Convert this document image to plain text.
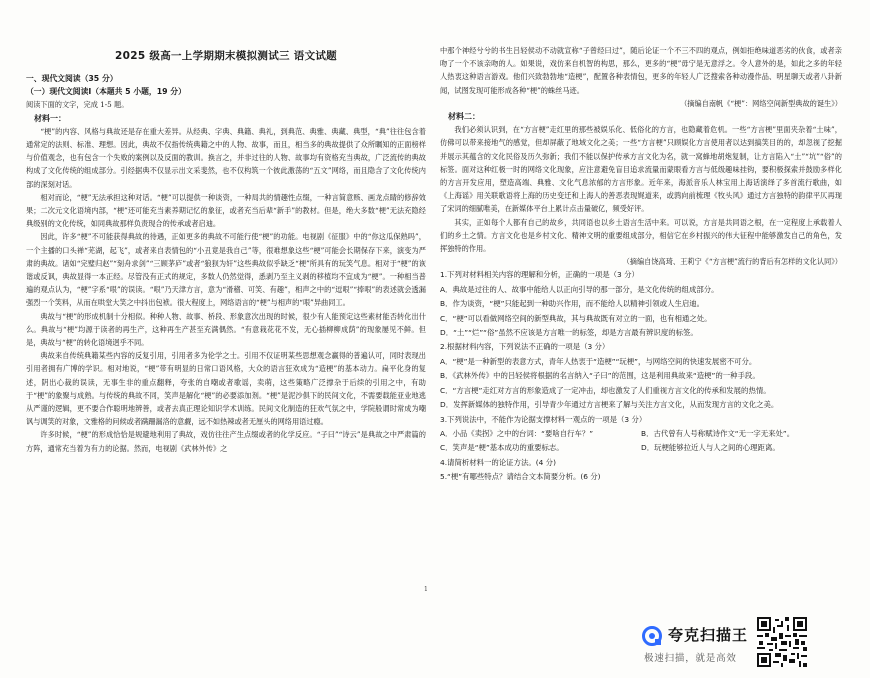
2025 级高一上学期期末模拟测试三 语文试题

一、现代文阅读（35 分）

（一）现代文阅读Ⅰ（本题共 5 小题，19 分）

阅读下面的文字，完成 1-5 题。

材料一：

“梗”的内容、风格与典故还是存在重大差异。从经典、字典、典籍、典礼，到典范、典雅、典藏、典型，“典”往往包含着通常定的法则、标准、理想。因此，典故不仅指传统典籍之中的人物、故事，而且，相当多的典故提供了众所瞩知的正面榜样与价值观念，也有包含一个失败的案例以及反面的教训。换言之，并非过往的人物、故事均有资格充当典故，广泛流传的典故构成了文化传统的组成部分。引经据典不仅显示出文采斐然，也不仅构筑一个彼此激荡的“五文”网络，而且隐含了文化传统内部的深刻对话。

相对而论，“梗”无法承担这种对话。“梗”可以提供一种谈资，一种局共的情趣性点缀，一种言简意赅、画龙点睛的修辞效果；二次元文化语境内部，“梗”还可能充当素养期记忆的象征，或者充当后辈“新手”的教材。但是，绝大多数“梗”无法充隐经典级别的文化传统，如同典故那样负责现合的传承或者启迪。

因此，许多“梗”不可能获得典故的待遇，正如更多的典故不可能行使“梗”的功能。电视剧《征服》中的“你这瓜保熟吗”，一个主播的口头禅“芜湖，起飞”，或者来自表情包的“小丑竟是我自己”等，很难想象这些“梗”可能会长期保存下来，演变为严肃的典故。诸如“完璧归赵”“刻舟求剑”“三顾茅庐”或者“狼狈为奸”这些典故似乎缺乏“梗”所具有的玩笑气息。相对于“梗”的诙谐或反讽，典故显得一本正经。尽管没有正式的规定，多数人仍然觉得，悉剥乃至主义剥的移植均不宜成为“梗”。一种相当普遍的观点认为，“梗”字系“哏”的误读。“哏”乃天津方言，意为“滑稽、可笑、有趣”，相声之中的“逗哏”“捧哏”的表述就会透漏强烈一个笑料，从而在哄堂大笑之中抖出包袱。很大程度上，网络语言的“梗”与相声的“哏”异曲同工。

典故与“梗”的形成机制十分相似。种种人物、故事、桥段、形象意次出现的时候，很少有人能预定这些素材能否转化出什么。典故与“梗”均源于读者的再生产，这种再生产甚至充满偶然。“有意栽花花不发，无心插柳柳成荫”的现象屡见不鲜。但是，典故与“梗”的转化语境迥乎不同。

典故来自传统典籍某些内容的反复引用，引用者多为伦学之士。引用不仅证明某些思想观念赢得的普遍认可，同时表现出引用者拥有广博的学识。相对地说，“梗”带有明显的日常口语风格，大众的语言狂欢成为“造梗”的基本动力。扁平化身的复述，阴出心裁的误读，无事生非的重点翻释，夸张的自嘲或者歌谣，卖萌，这些策略广泛撑杂于后续的引用之中，有助于“梗”的象聚与成熟。与传统的典故不同，笑声是解化“梗”的必要添加剂。“梗”是泥沙俱下的民间文化，不需要载能亚业地逃从严谨的逻辑，更不要合作聪明地辨善，或者去真正理论知识学术训练。民间文化制造的狂欢气氛之中，学院般谓时常成为嘲讽与调笑的对象，文雅格的问候或者蹒跚漏洛的意觑，远不如热辣或者无厘头的网络用语过瘾。

许多时候，“梗”的形成恰恰是规避地利用了典故，戏仿往往产生点缀或者的化学反应。“子曰”“诗云”是典故之中严肃篇的方阵，通常充当着为有力的论据。然而，电视剧《武林外传》之

中那个神经兮兮的书生吕轻侯动不动就宣称“子曾经曰过”，随后论证一个不三不四的观点，例如拒绝味道恶劣的伙食，或者亲吻了一个不该亲吻的人。如果说，戏仿来自机智的构思，那么，更多的“梗”毋宁是无意浮之。令人意外的是，如此之多的年轻人热衷这种语言游戏。他们兴致勃勃地“造梗”，配置各种表情包，更多的年轻人广泛搜索各种动漫作品、明星聊天或者八卦新闻，试图发现可能形成各种“梗”的蛛丝马迹。

（摘编自南帆《“梗”：网络空间新型典故的诞生》）

材料二：

我们必须认识到，在“方言梗”走红里的那些被娱乐化、低俗化的方言，也隐藏着危机。一些“方言梗”里面夹杂着“土味”，仿佛可以带来接地气的感觉，但却屏蔽了地域文化之美；一些“方言梗”只顾娱化方言使用者以达到搞笑目的的，却忽视了挖掘并展示其蕴含的文化民俗及历久弥新；我们不能以保护传承方言文化为名，就一窝蜂地胡炮复制，让方言陷入“土”“坑”“俗”的标签。面对这种红极一时的网络文化现象，应注意避免盲目追求流量而蒙眼看方言与低级趣味挂钩，要积极探索并鼓励多样化的方言开发应用，塑造高端、典雅、文化气息浓郁的方言形象。近年来，海派音乐人林宝用上海话演绎了多首流行歌曲，如《上海谣》用关联歌语将上海的历史变迁和上海人的善恶表现娓道来，或鹑向前梳理《牧头风》通过方言独特的韵律平仄再现了宋词的细腻唯美，在新媒体平台上累计点击量破亿，频受好评。

其实，正如每个人都有自己的故乡，共同语也以乡土语言生活中来。可以说，方言是共同语之根，在一定程度上承载着人们的乡土之情。方言文化也是乡村文化、精神文明的重要组成部分，相信它在乡村振兴的伟大征程中能够激发自己的角色，发挥独特的作用。

（摘编自饶高琦、王莉宁《“方言梗”流行的背后有怎样的文化认同》）

1.下列对材料相关内容的理解和分析，正确的一项是（3 分）

A．典故是过往的人、故事中能给人以正向引导的那一部分，是文化传统的组成部分。

B．作为谈资，“梗”只能起到一种助兴作用，而不能给人以精神引领或人生启迪。

C．“梗”可以看做网络空间的新型典故，其与典故既有对立的一面，也有相通之处。

D．“土”“烂”“俗”虽然不应该是方言唯一的标签，却是方言最有辨识度的标签。

2.根据材料内容，下列说法不正确的一项是（3 分）

A．“梗”是一种新型的表意方式，青年人热衷于“造梗”“玩梗”，与网络空间的快速发展密不可分。

B．《武林外传》中的吕轻侯将根据的名言纳入“子曰”的范围，这是利用典故来“造梗”的一种手段。

C．“方言梗”走红对方言的形象造成了一定冲击，却也激发了人们重视方言文化的传承和发展的热情。

D．发挥新媒体的独特作用，引导青少年通过方言梗来了解与关注方言文化，从而发现方言的文化之美。

3.下列说法中，不能作为论据支撑材料一观点的一项是（3 分）

A．小品《卖拐》之中的台词：“要啥自行车？”	B．古代曾有人号称赋诗作文“无一字无来处”。
C．笑声是“梗”基本成功的重要标志。	D．玩梗能够拉近人与人之间的心理距离。

4.请简析材料一的论证方法。(4 分)

5.“梗”有哪些特点？请结合文本简要分析。(6 分)

1
夸克扫描王
极速扫描，就是高效
